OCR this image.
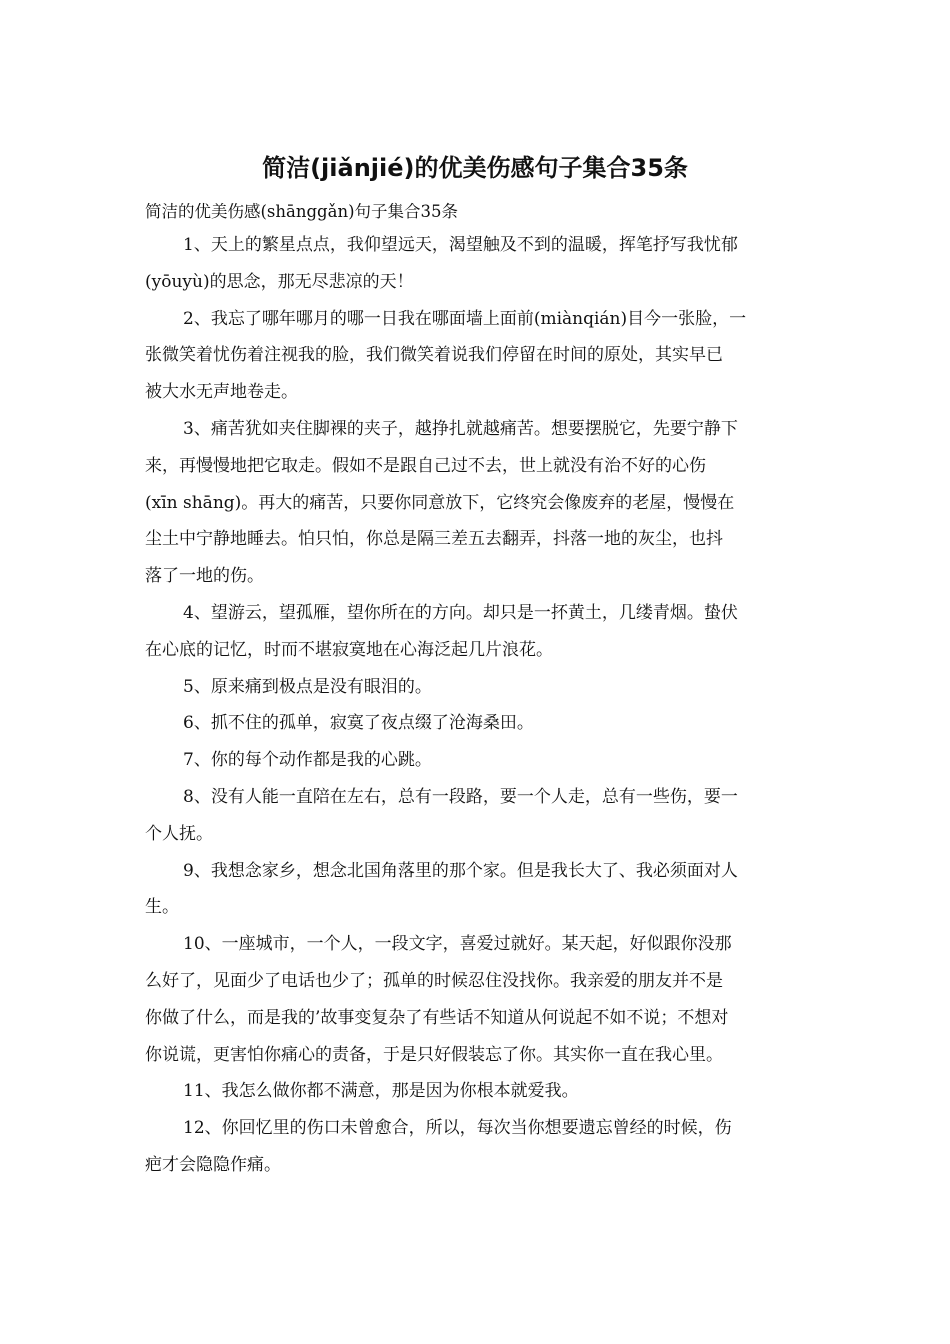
简洁(jiǎnjié)的优美伤感句子集合35条

简洁的优美伤感(shānggǎn)句子集合35条

1、天上的繁星点点，我仰望远天，渴望触及不到的温暖，挥笔抒写我忧郁
(yōuyù)的思念，那无尽悲凉的天！
2、我忘了哪年哪月的哪一日我在哪面墙上面前(miànqián)目今一张脸，一
张微笑着忧伤着注视我的脸，我们微笑着说我们停留在时间的原处，其实早已
被大水无声地卷走。
3、痛苦犹如夹住脚裸的夹子，越挣扎就越痛苦。想要摆脱它，先要宁静下
来，再慢慢地把它取走。假如不是跟自己过不去，世上就没有治不好的心伤
(xīn shāng)。再大的痛苦，只要你同意放下，它终究会像废弃的老屋，慢慢在
尘土中宁静地睡去。怕只怕，你总是隔三差五去翻弄，抖落一地的灰尘，也抖
落了一地的伤。
4、望游云，望孤雁，望你所在的方向。却只是一抔黄土，几缕青烟。蛰伏
在心底的记忆，时而不堪寂寞地在心海泛起几片浪花。
5、原来痛到极点是没有眼泪的。
6、抓不住的孤单，寂寞了夜点缀了沧海桑田。
7、你的每个动作都是我的心跳。
8、没有人能一直陪在左右，总有一段路，要一个人走，总有一些伤，要一
个人抚。
9、我想念家乡，想念北国角落里的那个家。但是我长大了、我必须面对人
生。
10、一座城市，一个人，一段文字，喜爱过就好。某天起，好似跟你没那
么好了，见面少了电话也少了；孤单的时候忍住没找你。我亲爱的朋友并不是
你做了什么，而是我的’故事变复杂了有些话不知道从何说起不如不说；不想对
你说谎，更害怕你痛心的责备，于是只好假装忘了你。其实你一直在我心里。
11、我怎么做你都不满意，那是因为你根本就爱我。
12、你回忆里的伤口未曾愈合，所以，每次当你想要遗忘曾经的时候，伤
疤才会隐隐作痛。
